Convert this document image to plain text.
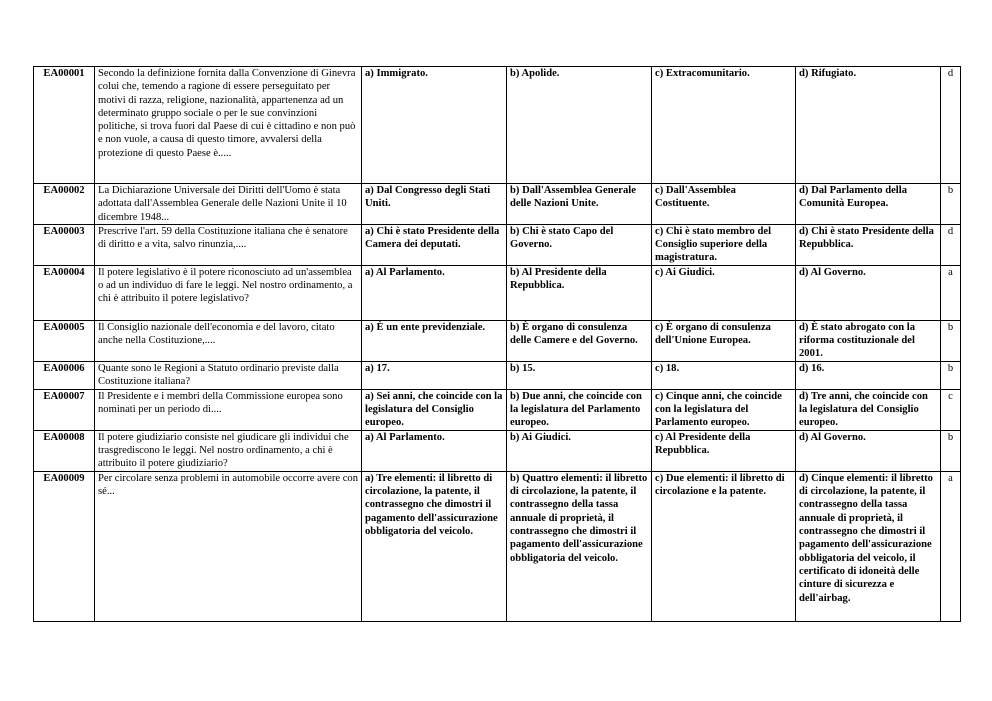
EA00001	Secondo la definizione fornita dalla Convenzione di Ginevra colui che, temendo a ragione di essere perseguitato per motivi di razza, religione, nazionalità, appartenenza ad un determinato gruppo sociale o per le sue convinzioni politiche, si trova fuori dal Paese di cui è cittadino e non può e non vuole, a causa di questo timore, avvalersi della protezione di questo Paese è.....	a) Immigrato.	b) Apolide.	c) Extracomunitario.	d) Rifugiato.	d
EA00002	La Dichiarazione Universale dei Diritti dell'Uomo è stata adottata dall'Assemblea Generale delle Nazioni Unite il 10 dicembre 1948...	a) Dal Congresso degli Stati Uniti.	b) Dall'Assemblea Generale delle Nazioni Unite.	c) Dall'Assemblea Costituente.	d) Dal Parlamento della Comunità Europea.	b
EA00003	Prescrive l'art. 59 della Costituzione italiana che è senatore di diritto e a vita, salvo rinunzia,....	a) Chi è stato Presidente della Camera dei deputati.	b) Chi è stato Capo del Governo.	c) Chi è stato membro del Consiglio superiore della magistratura.	d) Chi è stato Presidente della Repubblica.	d
EA00004	Il potere legislativo è il potere riconosciuto ad un'assemblea o ad un individuo di fare le leggi. Nel nostro ordinamento, a chi è attribuito il potere legislativo?	a) Al Parlamento.	b) Al Presidente della Repubblica.	c) Ai Giudici.	d) Al Governo.	a
EA00005	Il Consiglio nazionale dell'economia e del lavoro, citato anche nella Costituzione,....	a) È un ente previdenziale.	b) È organo di consulenza delle Camere e del Governo.	c) È organo di consulenza dell'Unione Europea.	d) È stato abrogato con la riforma costituzionale del 2001.	b
EA00006	Quante sono le Regioni a Statuto ordinario previste dalla Costituzione italiana?	a) 17.	b) 15.	c) 18.	d) 16.	b
EA00007	Il Presidente e i membri della Commissione europea sono nominati per un periodo di....	a) Sei anni, che coincide con la legislatura del Consiglio europeo.	b) Due anni, che coincide con la legislatura del Parlamento europeo.	c) Cinque anni, che coincide con la legislatura del Parlamento europeo.	d) Tre anni, che coincide con la legislatura del Consiglio europeo.	c
EA00008	Il potere giudiziario consiste nel giudicare gli individui che trasgrediscono le leggi. Nel nostro ordinamento, a chi è attribuito il potere giudiziario?	a) Al Parlamento.	b) Ai Giudici.	c) Al Presidente della Repubblica.	d) Al Governo.	b
EA00009	Per circolare senza problemi in automobile occorre avere con sé...	a) Tre elementi: il libretto di circolazione, la patente, il contrassegno che dimostri il pagamento dell'assicurazione obbligatoria del veicolo.	b) Quattro elementi: il libretto di circolazione, la patente, il contrassegno della tassa annuale di proprietà, il contrassegno che dimostri il pagamento dell'assicurazione obbligatoria del veicolo.	c) Due elementi: il libretto di circolazione e la patente.	d) Cinque elementi: il libretto di circolazione, la patente, il contrassegno della tassa annuale di proprietà, il contrassegno che dimostri il pagamento dell'assicurazione obbligatoria del veicolo, il certificato di idoneità delle cinture di sicurezza e dell'airbag.	a
